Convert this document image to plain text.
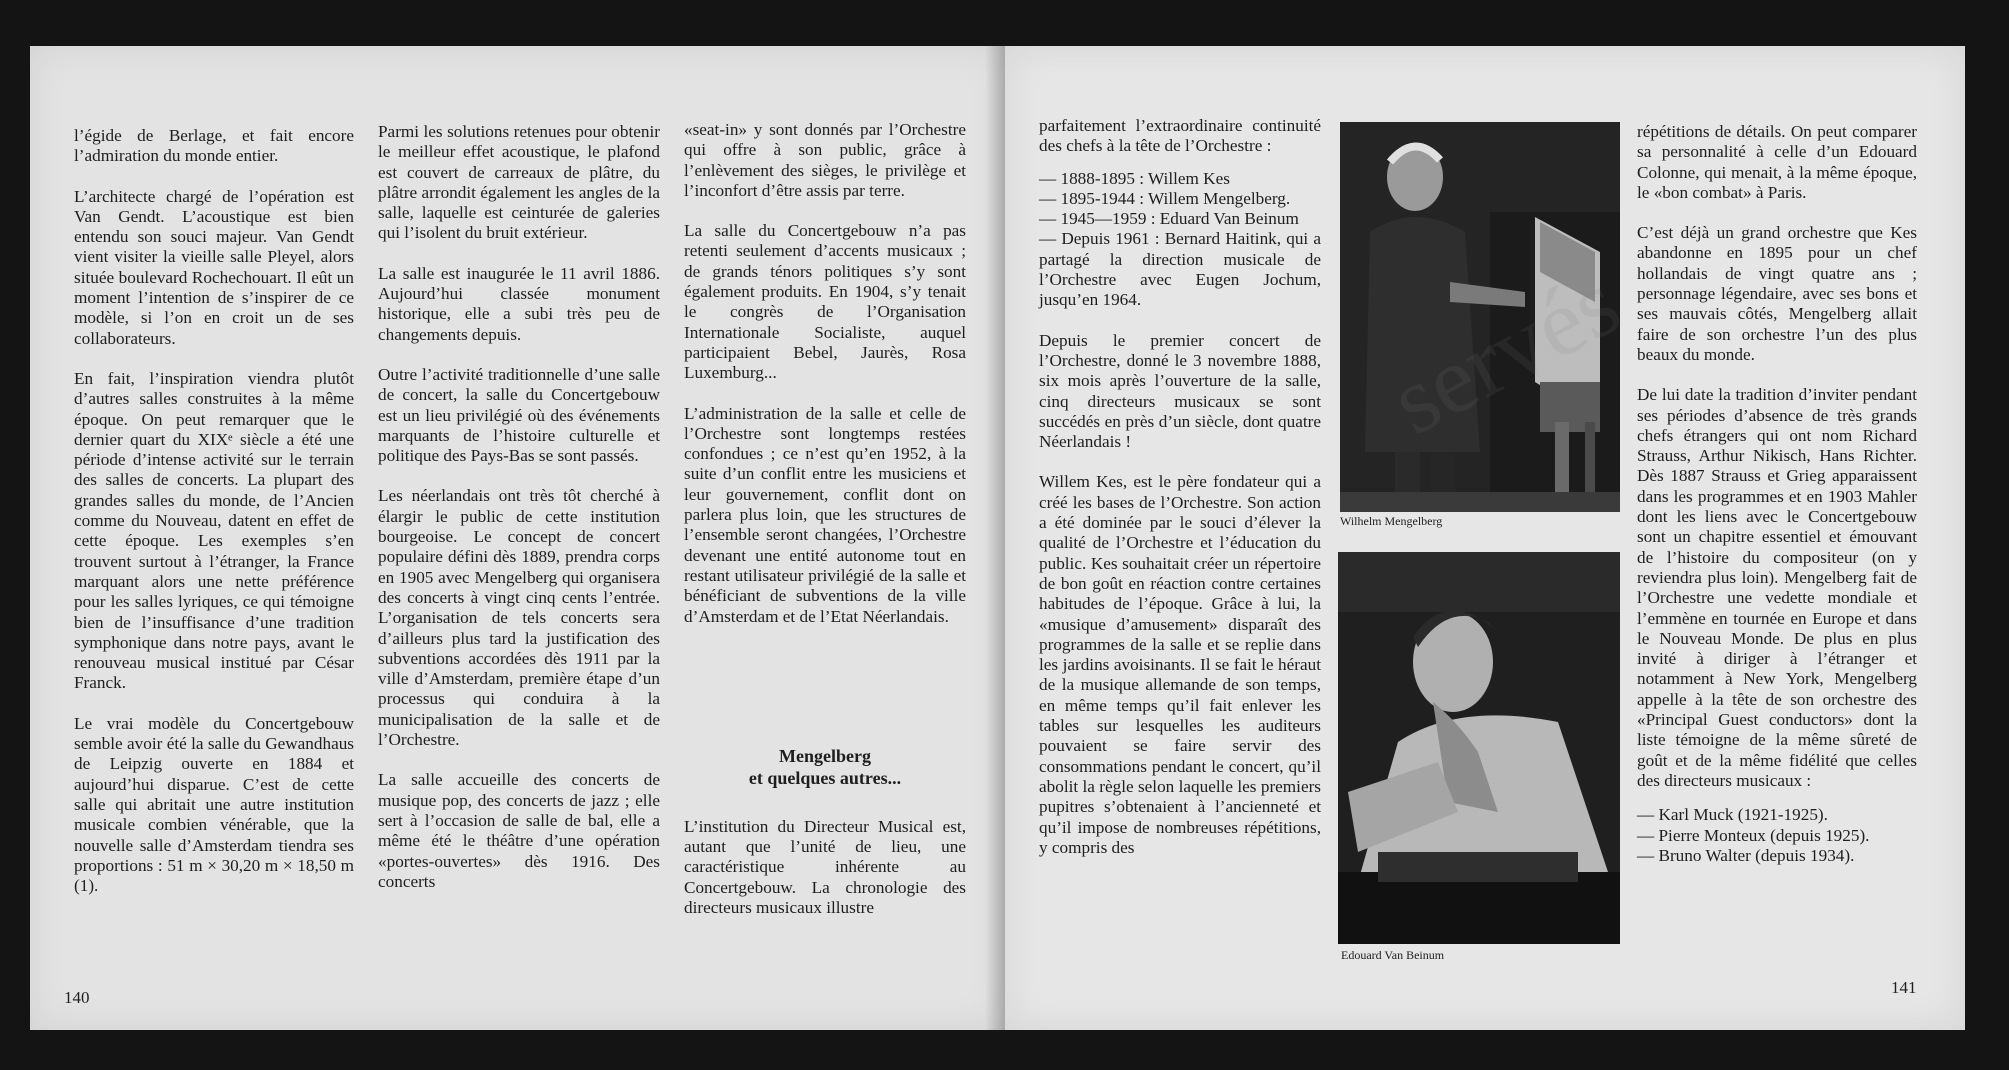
l’égide de Berlage, et fait encore l’admiration du monde entier.

L’architecte chargé de l’opération est Van Gendt. L’acoustique est bien entendu son souci majeur. Van Gendt vient visiter la vieille salle Pleyel, alors située boulevard Rochechouart. Il eût un moment l’intention de s’inspirer de ce modèle, si l’on en croit un de ses collaborateurs.

En fait, l’inspiration viendra plutôt d’autres salles construites à la même époque. On peut remarquer que le dernier quart du XIXᵉ siècle a été une période d’intense activité sur le terrain des salles de concerts. La plupart des grandes salles du monde, de l’Ancien comme du Nouveau, datent en effet de cette époque. Les exemples s’en trouvent surtout à l’étranger, la France marquant alors une nette préférence pour les salles lyriques, ce qui témoigne bien de l’insuffisance d’une tradition symphonique dans notre pays, avant le renouveau musical institué par César Franck.

Le vrai modèle du Concertgebouw semble avoir été la salle du Gewandhaus de Leipzig ouverte en 1884 et aujourd’hui disparue. C’est de cette salle qui abritait une autre institution musicale combien vénérable, que la nouvelle salle d’Amsterdam tiendra ses proportions : 51 m × 30,20 m × 18,50 m (1).

Parmi les solutions retenues pour obtenir le meilleur effet acoustique, le plafond est couvert de carreaux de plâtre, du plâtre arrondit également les angles de la salle, laquelle est ceinturée de galeries qui l’isolent du bruit extérieur.

La salle est inaugurée le 11 avril 1886. Aujourd’hui classée monument historique, elle a subi très peu de changements depuis.

Outre l’activité traditionnelle d’une salle de concert, la salle du Concertgebouw est un lieu privilégié où des événements marquants de l’histoire culturelle et politique des Pays-Bas se sont passés.

Les néerlandais ont très tôt cherché à élargir le public de cette institution bourgeoise. Le concept de concert populaire défini dès 1889, prendra corps en 1905 avec Mengelberg qui organisera des concerts à vingt cinq cents l’entrée. L’organisation de tels concerts sera d’ailleurs plus tard la justification des subventions accordées dès 1911 par la ville d’Amsterdam, première étape d’un processus qui conduira à la municipalisation de la salle et de l’Orchestre.

La salle accueille des concerts de musique pop, des concerts de jazz ; elle sert à l’occasion de salle de bal, elle a même été le théâtre d’une opération «portes-ouvertes» dès 1916. Des concerts

«seat-in» y sont donnés par l’Orchestre qui offre à son public, grâce à l’enlèvement des sièges, le privilège et l’inconfort d’être assis par terre.

La salle du Concertgebouw n’a pas retenti seulement d’accents musicaux ; de grands ténors politiques s’y sont également produits. En 1904, s’y tenait le congrès de l’Organisation Internationale Socialiste, auquel participaient Bebel, Jaurès, Rosa Luxemburg...

L’administration de la salle et celle de l’Orchestre sont longtemps restées confondues ; ce n’est qu’en 1952, à la suite d’un conflit entre les musiciens et leur gouvernement, conflit dont on parlera plus loin, que les structures de l’ensemble seront changées, l’Orchestre devenant une entité autonome tout en restant utilisateur privilégié de la salle et bénéficiant de subventions de la ville d’Amsterdam et de l’Etat Néerlandais.

Mengelberg
et quelques autres...

L’institution du Directeur Musical est, autant que l’unité de lieu, une caractéristique inhérente au Concertgebouw. La chronologie des directeurs musicaux illustre

140

parfaitement l’extraordinaire continuité des chefs à la tête de l’Orchestre :

— 1888-1895 : Willem Kes
— 1895-1944 : Willem Mengelberg.
— 1945—1959 : Eduard Van Beinum
— Depuis 1961 : Bernard Haitink, qui a partagé la direction musicale de l’Orchestre avec Eugen Jochum, jusqu’en 1964.

Depuis le premier concert de l’Orchestre, donné le 3 novembre 1888, six mois après l’ouverture de la salle, cinq directeurs musicaux se sont succédés en près d’un siècle, dont quatre Néerlandais !

Willem Kes, est le père fondateur qui a créé les bases de l’Orchestre. Son action a été dominée par le souci d’élever la qualité de l’Orchestre et l’éducation du public. Kes souhaitait créer un répertoire de bon goût en réaction contre certaines habitudes de l’époque. Grâce à lui, la «musique d’amusement» disparaît des programmes de la salle et se replie dans les jardins avoisinants. Il se fait le héraut de la musique allemande de son temps, en même temps qu’il fait enlever les tables sur lesquelles les auditeurs pouvaient se faire servir des consommations pendant le concert, qu’il abolit la règle selon laquelle les premiers pupitres s’obtenaient à l’ancienneté et qu’il impose de nombreuses répétitions, y compris des

Wilhelm Mengelberg
Edouard Van Beinum

répétitions de détails. On peut comparer sa personnalité à celle d’un Edouard Colonne, qui menait, à la même époque, le «bon combat» à Paris.

C’est déjà un grand orchestre que Kes abandonne en 1895 pour un chef hollandais de vingt quatre ans ; personnage légendaire, avec ses bons et ses mauvais côtés, Mengelberg allait faire de son orchestre l’un des plus beaux du monde.

De lui date la tradition d’inviter pendant ses périodes d’absence de très grands chefs étrangers qui ont nom Richard Strauss, Arthur Nikisch, Hans Richter. Dès 1887 Strauss et Grieg apparaissent dans les programmes et en 1903 Mahler dont les liens avec le Concertgebouw sont un chapitre essentiel et émouvant de l’histoire du compositeur (on y reviendra plus loin). Mengelberg fait de l’Orchestre une vedette mondiale et l’emmène en tournée en Europe et dans le Nouveau Monde. De plus en plus invité à diriger à l’étranger et notamment à New York, Mengelberg appelle à la tête de son orchestre des «Principal Guest conductors» dont la liste témoigne de la même sûreté de goût et de la même fidélité que celles des directeurs musicaux :

— Karl Muck (1921-1925).
— Pierre Monteux (depuis 1925).
— Bruno Walter (depuis 1934).
141
